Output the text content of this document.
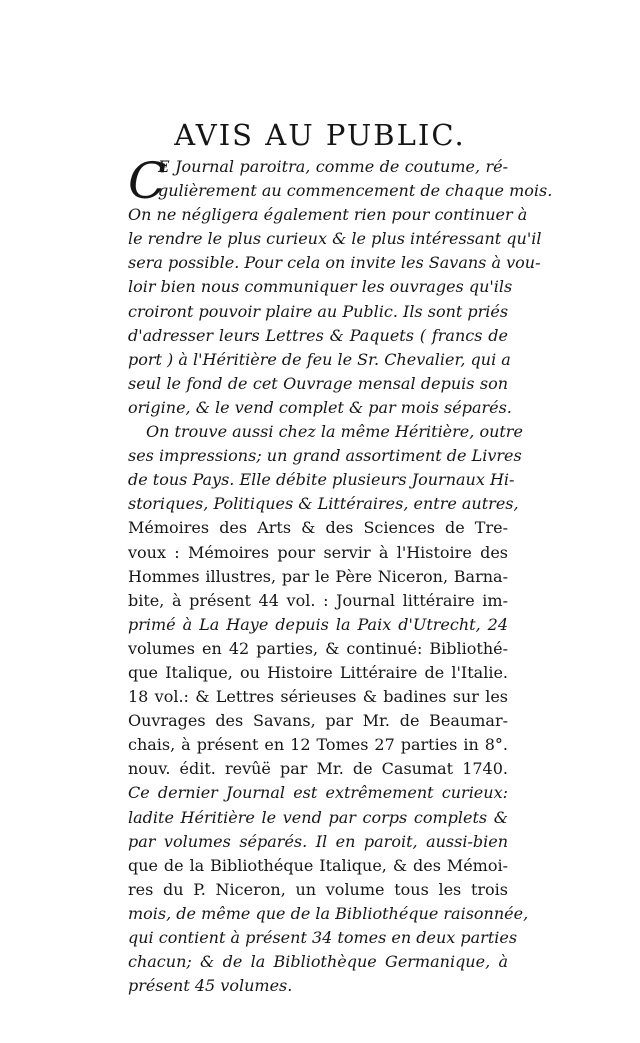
AVIS AU PUBLIC.
C
E Journal paroitra, comme de coutume, ré-
gulièrement au commencement de chaque mois.
On ne négligera également rien pour continuer à
le rendre le plus curieux & le plus intéressant qu'il
sera possible. Pour cela on invite les Savans à vou-
loir bien nous communiquer les ouvrages qu'ils
croiront pouvoir plaire au Public. Ils sont priés
d'adresser leurs Lettres & Paquets ( francs de
port ) à l'Héritière de feu le Sr. Chevalier, qui a
seul le fond de cet Ouvrage mensal depuis son
origine, & le vend complet & par mois séparés.
On trouve aussi chez la même Héritière, outre
ses impressions; un grand assortiment de Livres
de tous Pays. Elle débite plusieurs Journaux Hi-
storiques, Politiques & Littéraires, entre autres,
Mémoires des Arts & des Sciences de Tre-
voux : Mémoires pour servir à l'Histoire des
Hommes illustres, par le Père Niceron, Barna-
bite, à présent 44 vol. : Journal littéraire im-
primé à La Haye depuis la Paix d'Utrecht, 24
volumes en 42 parties, & continué: Bibliothé-
que Italique, ou Histoire Littéraire de l'Italie.
18 vol.: & Lettres sérieuses & badines sur les
Ouvrages des Savans, par Mr. de Beaumar-
chais, à présent en 12 Tomes 27 parties in 8°.
nouv. édit. revûë par Mr. de Casumat 1740.
Ce dernier Journal est extrêmement curieux:
ladite Héritière le vend par corps complets &
par volumes séparés. Il en paroit, aussi-bien
que de la Bibliothéque Italique, & des Mémoi-
res du P. Niceron, un volume tous les trois
mois, de même que de la Bibliothéque raisonnée,
qui contient à présent 34 tomes en deux parties
chacun; & de la Bibliothèque Germanique, à
présent 45 volumes.
